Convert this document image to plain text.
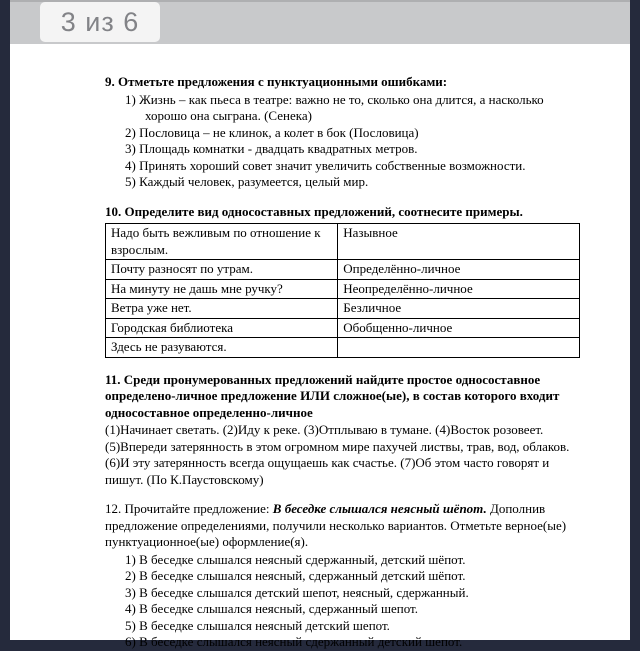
3 из 6

9. Отметьте предложения с пунктуационными ошибками:

1) Жизнь – как пьеса в театре: важно не то, сколько она длится, а насколько хорошо она сыграна. (Сенека)
2) Пословица – не клинок, а колет в бок (Пословица)
3) Площадь комнатки - двадцать квадратных метров.
4) Принять хороший совет значит увеличить собственные возможности.
5) Каждый человек, разумеется, целый мир.

10. Определите вид односоставных предложений, соотнесите примеры.

Надо быть вежливым по отношение к взрослым.	Назывное
Почту разносят по утрам.	Определённо-личное
На минуту не дашь мне ручку?	Неопределённо-личное
Ветра уже нет.	Безличное
Городская библиотека	Обобщенно-личное
Здесь не разуваются.	

11. Среди пронумерованных предложений найдите простое односоставное определено-личное предложение ИЛИ сложное(ые), в состав которого входит односоставное определенно-личное

(1)Начинает светать. (2)Иду к реке. (3)Отплываю в тумане. (4)Восток розовеет. (5)Впереди затерянность в этом огромном мире пахучей листвы, трав, вод, облаков. (6)И эту затерянность всегда ощущаешь как счастье. (7)Об этом часто говорят и пишут. (По К.Паустовскому)

12. Прочитайте предложение: В беседке слышался неясный шёпот. Дополнив предложение определениями, получили несколько вариантов. Отметьте верное(ые) пунктуационное(ые) оформление(я).

1) В беседке слышался неясный сдержанный, детский шёпот.
2) В беседке слышался неясный, сдержанный детский шёпот.
3) В беседке слышался детский шепот, неясный, сдержанный.
4) В беседке слышался неясный, сдержанный шепот.
5) В беседке слышался неясный детский шепот.
6) В беседке слышался неясный сдержанный детский шепот.
